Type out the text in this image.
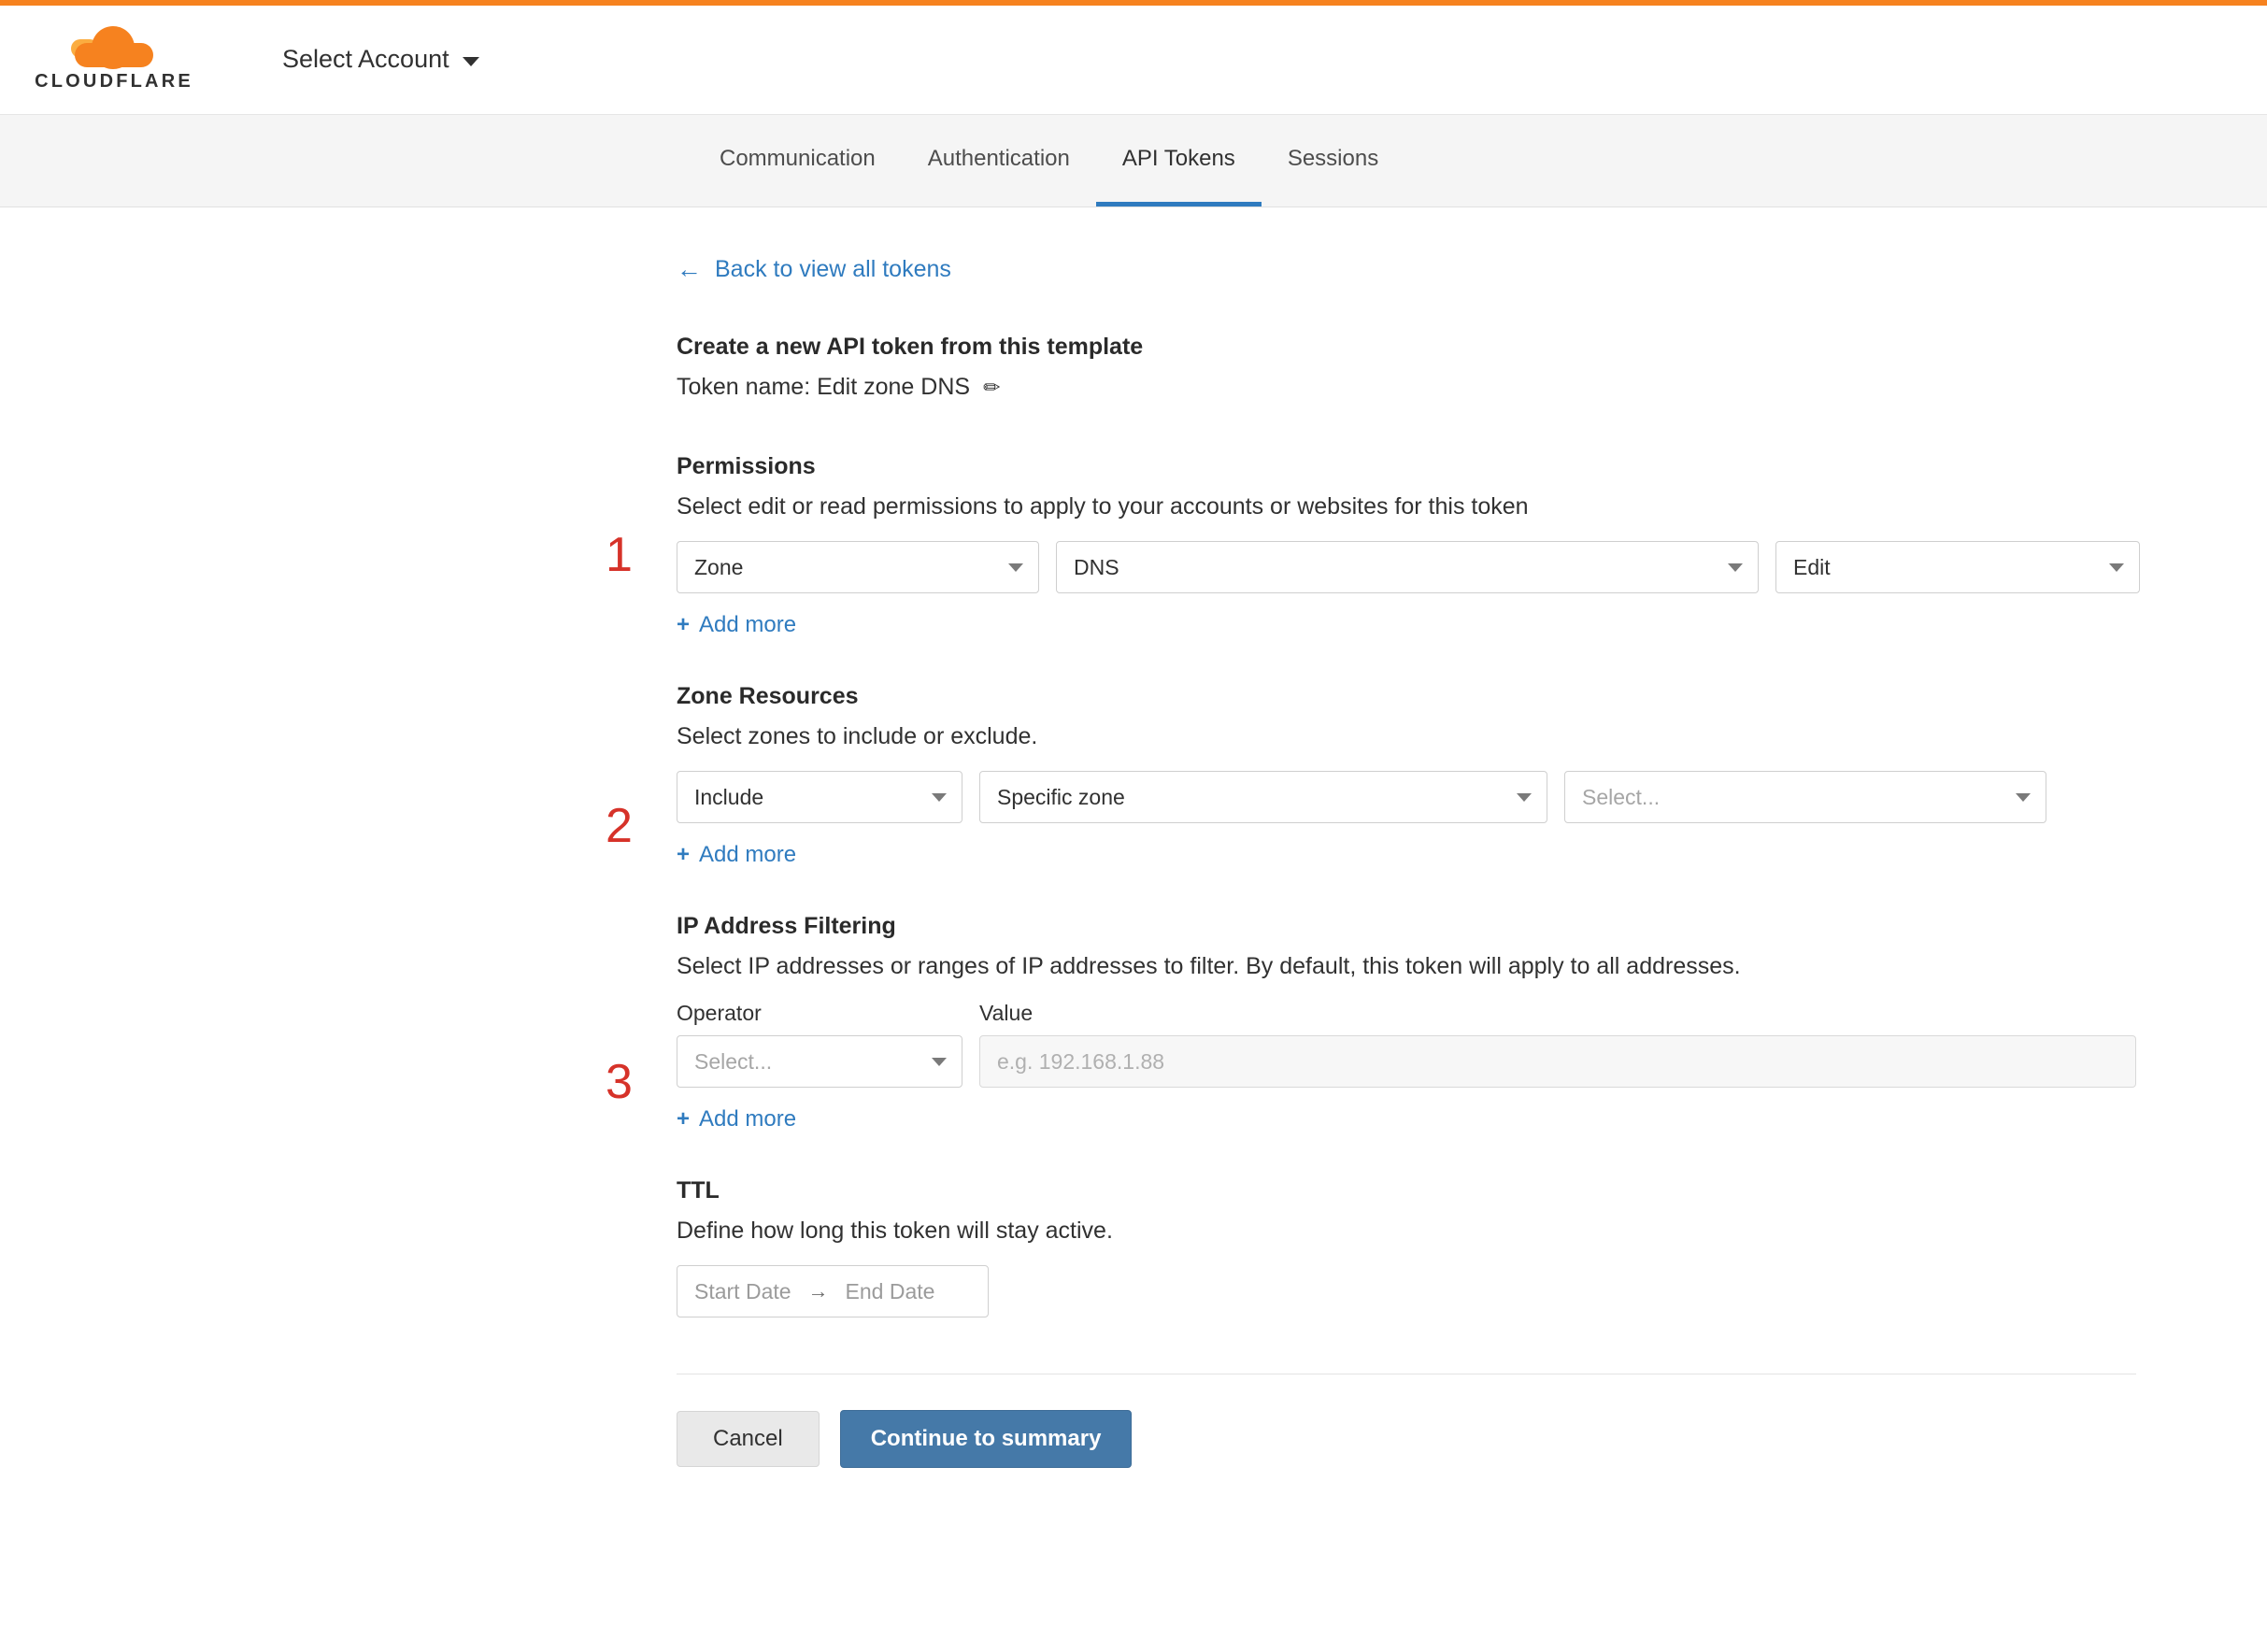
CLOUDFLARE
Select Account
Communication Authentication API Tokens Sessions
← Back to view all tokens
1
Create a new API token from this template
Token name: Edit zone DNS ✏
2
Permissions
Select edit or read permissions to apply to your accounts or websites for this token
Zone	DNS	Edit
+ Add more
3
Zone Resources
Select zones to include or exclude.
Include	Specific zone	Select...
+ Add more
IP Address Filtering
Select IP addresses or ranges of IP addresses to filter. By default, this token will apply to all addresses.
Operator	Value
Select...	e.g. 192.168.1.88
+ Add more
TTL
Define how long this token will stay active.
Start Date → End Date
Cancel	Continue to summary
